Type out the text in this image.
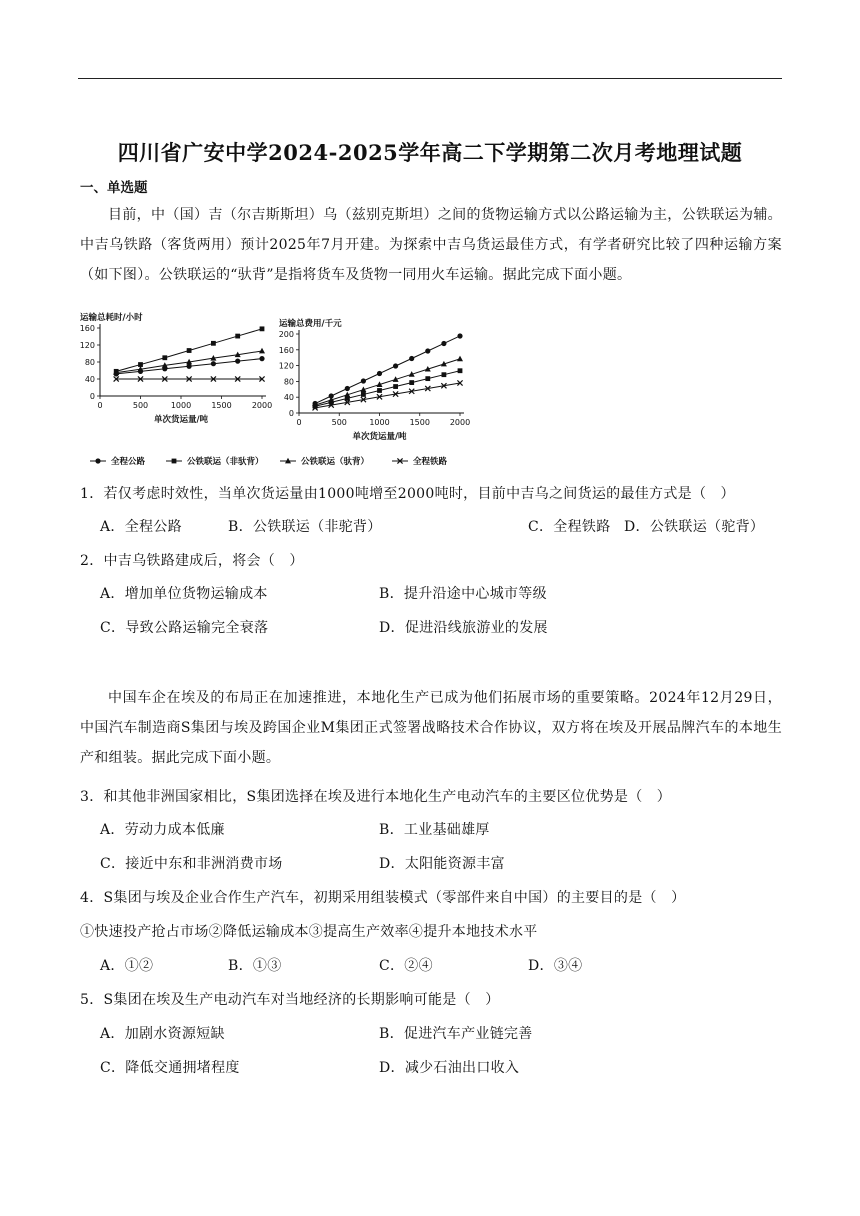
四川省广安中学2024-2025学年高二下学期第二次月考地理试题
一、单选题
目前，中（国）吉（尔吉斯斯坦）乌（兹别克斯坦）之间的货物运输方式以公路运输为主，公铁联运为辅。中吉乌铁路（客货两用）预计2025年7月开建。为探索中吉乌货运最佳方式，有学者研究比较了四种运输方案（如下图）。公铁联运的“驮背”是指将货车及货物一同用火车运输。据此完成下面小题。
运输总耗时/小时
0
40
80
120
160
0	500	1000	1500	2000
单次货运量/吨
运输总费用/千元
0
40
80
120
160
200
0	500	1000 1500 2000
单次货运量/吨
全程公路	公铁联运（非驮背）	公铁联运（驮背）	全程铁路
1．若仅考虑时效性，当单次货运量由1000吨增至2000吨时，目前中吉乌之间货运的最佳方式是（　）
A．全程公路	B．公铁联运（非驼背）	C．全程铁路 D．公铁联运（驼背）
2．中吉乌铁路建成后，将会（　）
A．增加单位货物运输成本	B．提升沿途中心城市等级
C．导致公路运输完全衰落	D．促进沿线旅游业的发展
中国车企在埃及的布局正在加速推进，本地化生产已成为他们拓展市场的重要策略。2024年12月29日，中国汽车制造商S集团与埃及跨国企业M集团正式签署战略技术合作协议，双方将在埃及开展品牌汽车的本地生产和组装。据此完成下面小题。
3．和其他非洲国家相比，S集团选择在埃及进行本地化生产电动汽车的主要区位优势是（　）
A．劳动力成本低廉	B．工业基础雄厚
C．接近中东和非洲消费市场	D．太阳能资源丰富
4．S集团与埃及企业合作生产汽车，初期采用组装模式（零部件来自中国）的主要目的是（　）
①快速投产抢占市场②降低运输成本③提高生产效率④提升本地技术水平
A．①②	B．①③	C．②④	D．③④
5．S集团在埃及生产电动汽车对当地经济的长期影响可能是（　）
A．加剧水资源短缺	B．促进汽车产业链完善
C．降低交通拥堵程度	D．减少石油出口收入
